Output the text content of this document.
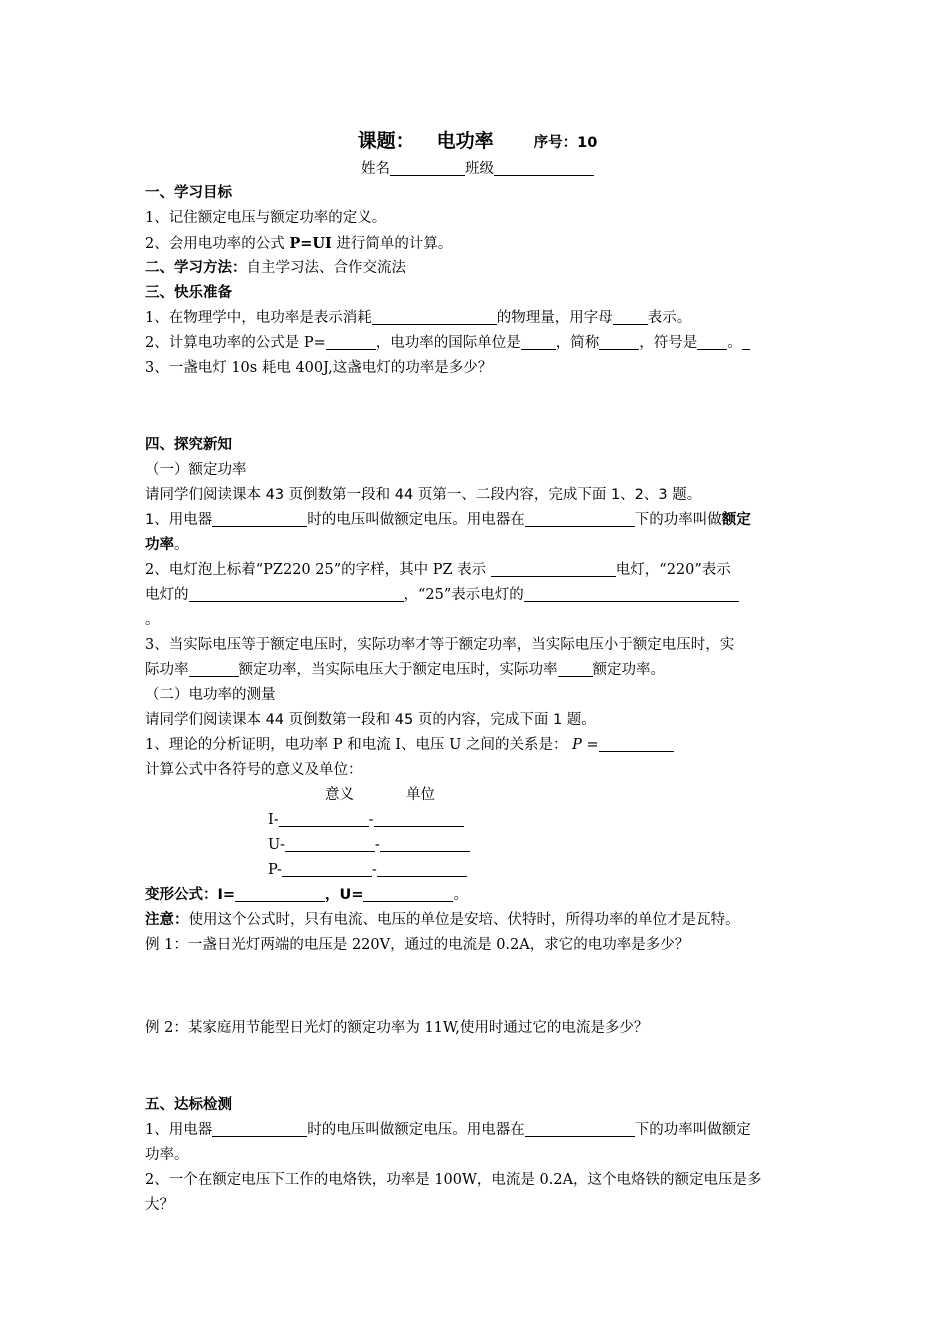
课题： 电功率	序号：10
姓名	班级
一、学习目标
1、记住额定电压与额定功率的定义。
2、会用电功率的公式 P=UI 进行简单的计算。
二、学习方法：自主学习法、合作交流法
三、快乐准备
1、在物理学中，电功率是表示消耗	的物理量，用字母 表示。
2、计算电功率的公式是 P=	，电功率的国际单位是 ，简称	，符号是 。
3、一盏电灯 10s 耗电 400J,这盏电灯的功率是多少？
四、探究新知
（一）额定功率
请同学们阅读课本 43 页倒数第一段和 44 页第一、二段内容，完成下面 1、2、3 题。
1、用电器	时的电压叫做额定电压。用电器在	下的功率叫做额定
功率。
2、电灯泡上标着“PZ220 25”的字样，其中 PZ 表示	电灯，“220”表示
电灯的	，“25”表示电灯的
。
3、当实际电压等于额定电压时，实际功率才等于额定功率，当实际电压小于额定电压时，实
际功率	额定功率，当实际电压大于额定电压时，实际功率 额定功率。
（二）电功率的测量
请同学们阅读课本 44 页倒数第一段和 45 页的内容，完成下面 1 题。
1、理论的分析证明，电功率 P 和电流 I、电压 U 之间的关系是： P =
计算公式中各符号的意义及单位：
意义	单位
I-	-
U-	-
P-	-
变形公式：I=	，U=	。
注意：使用这个公式时，只有电流、电压的单位是安培、伏特时，所得功率的单位才是瓦特。
例 1：一盏日光灯两端的电压是 220V，通过的电流是 0.2A，求它的电功率是多少？
例 2：某家庭用节能型日光灯的额定功率为 11W,使用时通过它的电流是多少？
五、达标检测
1、用电器	时的电压叫做额定电压。用电器在	下的功率叫做额定
功率。
2、一个在额定电压下工作的电烙铁，功率是 100W，电流是 0.2A，这个电烙铁的额定电压是多
大？
